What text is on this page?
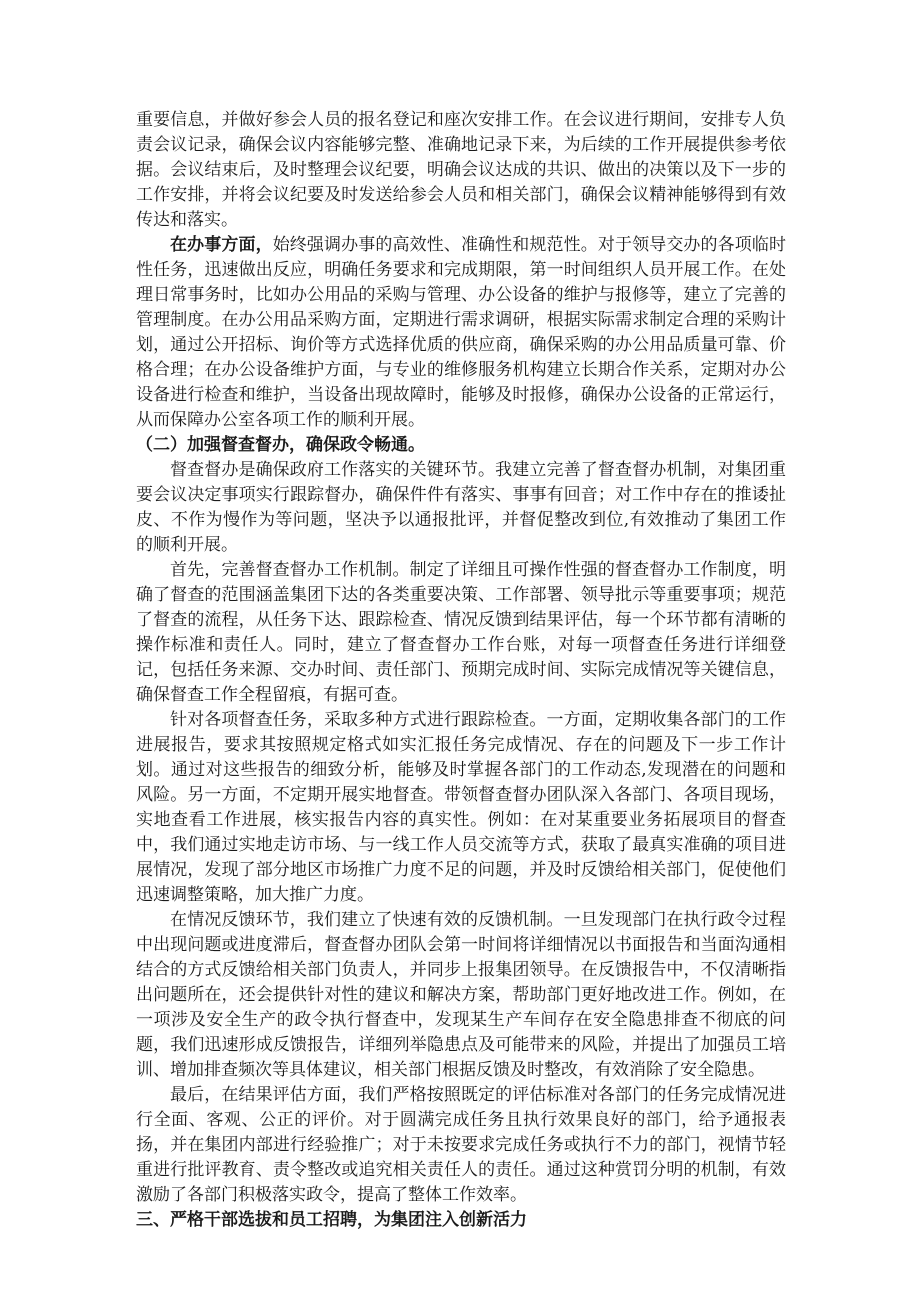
重要信息，并做好参会人员的报名登记和座次安排工作。在会议进行期间，安排专人负责会议记录，确保会议内容能够完整、准确地记录下来，为后续的工作开展提供参考依据。会议结束后，及时整理会议纪要，明确会议达成的共识、做出的决策以及下一步的工作安排，并将会议纪要及时发送给参会人员和相关部门，确保会议精神能够得到有效传达和落实。

在办事方面，始终强调办事的高效性、准确性和规范性。对于领导交办的各项临时性任务，迅速做出反应，明确任务要求和完成期限，第一时间组织人员开展工作。在处理日常事务时，比如办公用品的采购与管理、办公设备的维护与报修等，建立了完善的管理制度。在办公用品采购方面，定期进行需求调研，根据实际需求制定合理的采购计划，通过公开招标、询价等方式选择优质的供应商，确保采购的办公用品质量可靠、价格合理；在办公设备维护方面，与专业的维修服务机构建立长期合作关系，定期对办公设备进行检查和维护，当设备出现故障时，能够及时报修，确保办公设备的正常运行，从而保障办公室各项工作的顺利开展。

（二）加强督查督办，确保政令畅通。

督查督办是确保政府工作落实的关键环节。我建立完善了督查督办机制，对集团重要会议决定事项实行跟踪督办，确保件件有落实、事事有回音；对工作中存在的推诿扯皮、不作为慢作为等问题，坚决予以通报批评，并督促整改到位,有效推动了集团工作的顺利开展。

首先，完善督查督办工作机制。制定了详细且可操作性强的督查督办工作制度，明确了督查的范围涵盖集团下达的各类重要决策、工作部署、领导批示等重要事项；规范了督查的流程，从任务下达、跟踪检查、情况反馈到结果评估，每一个环节都有清晰的操作标准和责任人。同时，建立了督查督办工作台账，对每一项督查任务进行详细登记，包括任务来源、交办时间、责任部门、预期完成时间、实际完成情况等关键信息，确保督查工作全程留痕，有据可查。

针对各项督查任务，采取多种方式进行跟踪检查。一方面，定期收集各部门的工作进展报告，要求其按照规定格式如实汇报任务完成情况、存在的问题及下一步工作计划。通过对这些报告的细致分析，能够及时掌握各部门的工作动态,发现潜在的问题和风险。另一方面，不定期开展实地督查。带领督查督办团队深入各部门、各项目现场，实地查看工作进展，核实报告内容的真实性。例如：在对某重要业务拓展项目的督查中，我们通过实地走访市场、与一线工作人员交流等方式，获取了最真实准确的项目进展情况，发现了部分地区市场推广力度不足的问题，并及时反馈给相关部门，促使他们迅速调整策略，加大推广力度。

在情况反馈环节，我们建立了快速有效的反馈机制。一旦发现部门在执行政令过程中出现问题或进度滞后，督查督办团队会第一时间将详细情况以书面报告和当面沟通相结合的方式反馈给相关部门负责人，并同步上报集团领导。在反馈报告中，不仅清晰指出问题所在，还会提供针对性的建议和解决方案，帮助部门更好地改进工作。例如，在一项涉及安全生产的政令执行督查中，发现某生产车间存在安全隐患排查不彻底的问题，我们迅速形成反馈报告，详细列举隐患点及可能带来的风险，并提出了加强员工培训、增加排查频次等具体建议，相关部门根据反馈及时整改，有效消除了安全隐患。

最后，在结果评估方面，我们严格按照既定的评估标准对各部门的任务完成情况进行全面、客观、公正的评价。对于圆满完成任务且执行效果良好的部门，给予通报表扬，并在集团内部进行经验推广；对于未按要求完成任务或执行不力的部门，视情节轻重进行批评教育、责令整改或追究相关责任人的责任。通过这种赏罚分明的机制，有效激励了各部门积极落实政令，提高了整体工作效率。

三、严格干部选拔和员工招聘，为集团注入创新活力
